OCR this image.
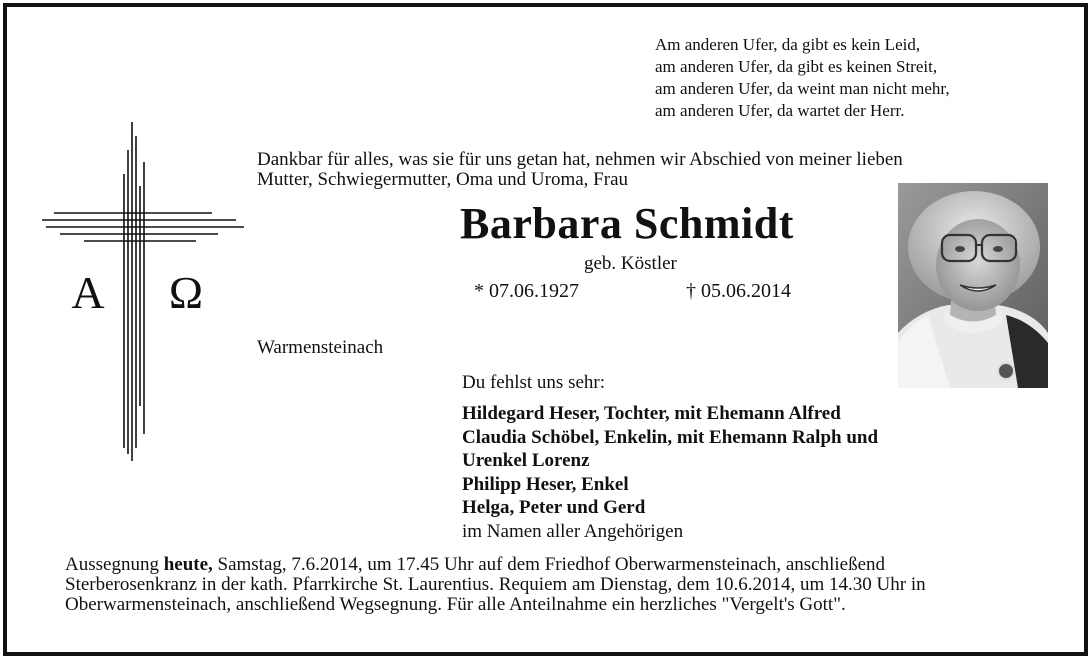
Am anderen Ufer, da gibt es kein Leid,
am anderen Ufer, da gibt es keinen Streit,
am anderen Ufer, da weint man nicht mehr,
am anderen Ufer, da wartet der Herr.
A Ω
Dankbar für alles, was sie für uns getan hat, nehmen wir Abschied von meiner lieben
Mutter, Schwiegermutter, Oma und Uroma, Frau
Barbara Schmidt
geb. Köstler
* 07.06.1927	† 05.06.2014
Warmensteinach
Du fehlst uns sehr:
Hildegard Heser, Tochter, mit Ehemann Alfred
Claudia Schöbel, Enkelin, mit Ehemann Ralph und
Urenkel Lorenz
Philipp Heser, Enkel
Helga, Peter und Gerd
im Namen aller Angehörigen
Aussegnung heute, Samstag, 7.6.2014, um 17.45 Uhr auf dem Friedhof Oberwarmensteinach, anschließend
Sterberosenkranz in der kath. Pfarrkirche St. Laurentius. Requiem am Dienstag, dem 10.6.2014, um 14.30 Uhr in
Oberwarmensteinach, anschließend Wegsegnung. Für alle Anteilnahme ein herzliches "Vergelt's Gott".
